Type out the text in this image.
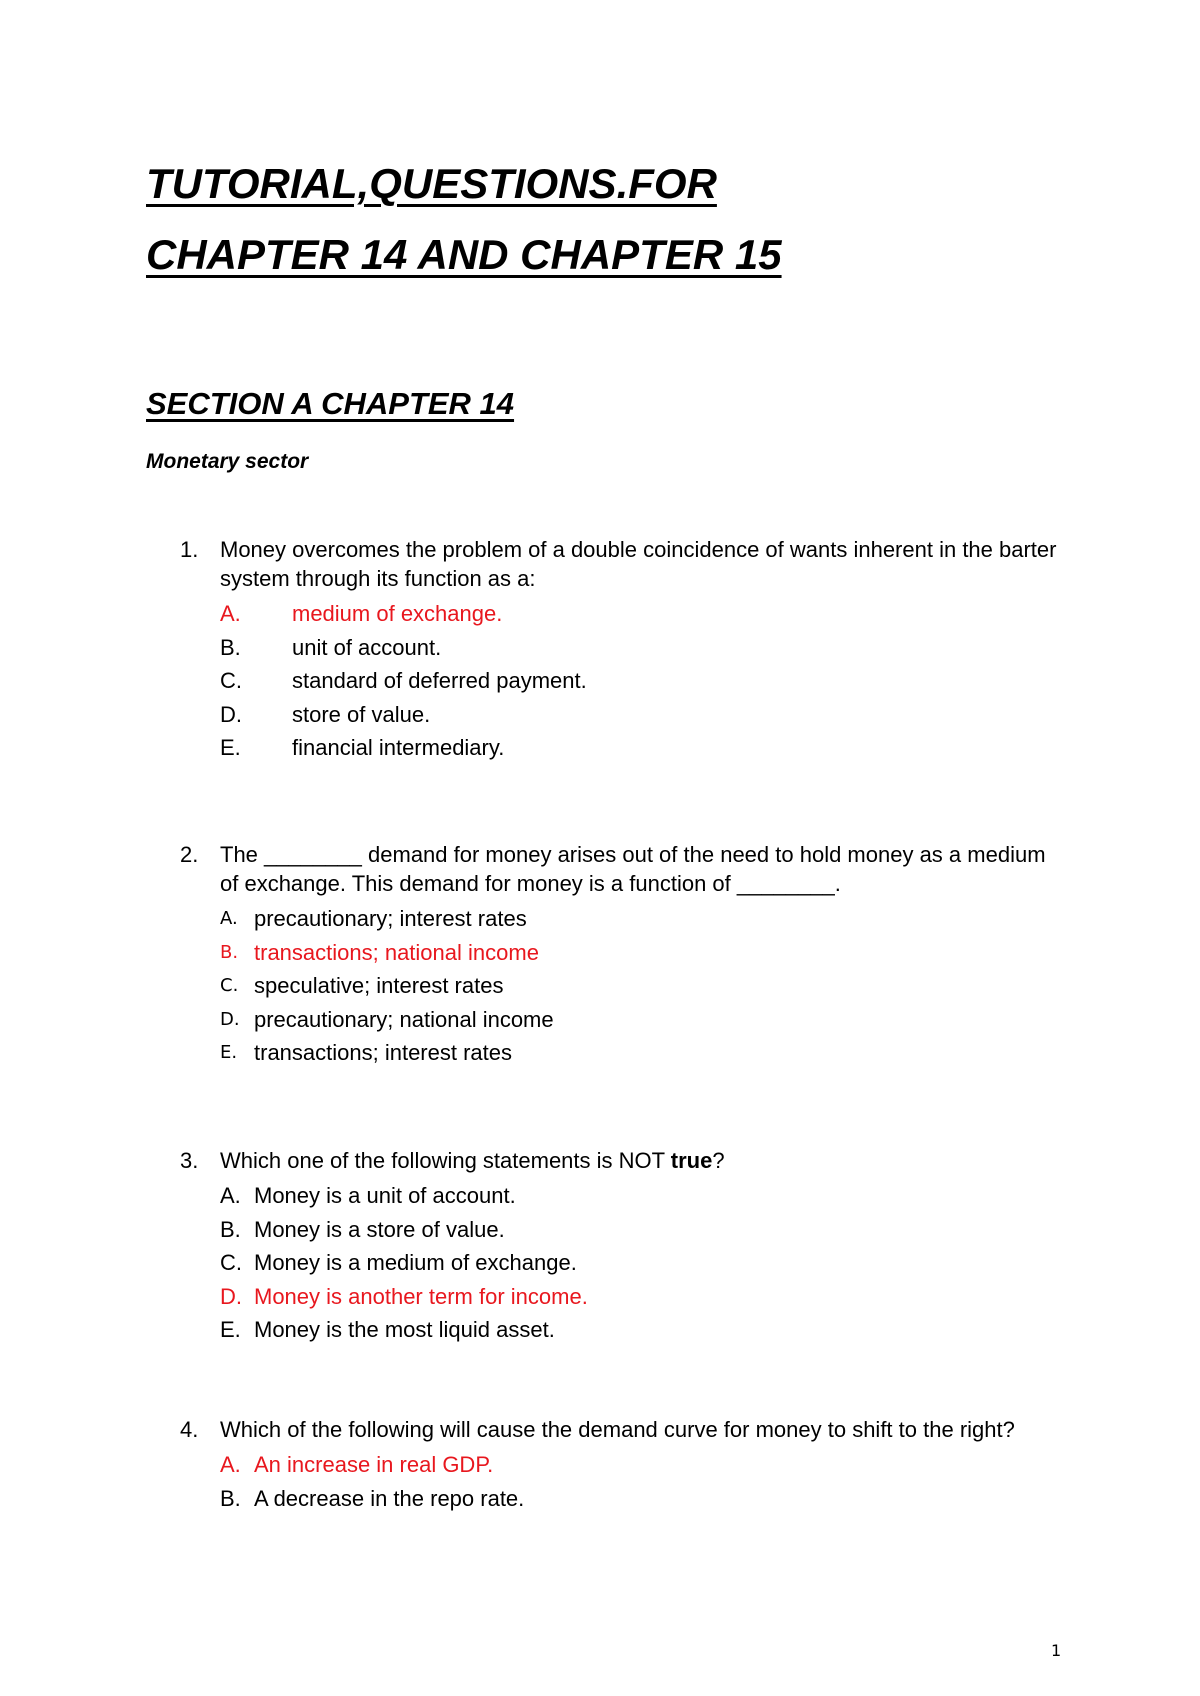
TUTORIAL,QUESTIONS.FOR
CHAPTER 14 AND CHAPTER 15
SECTION A CHAPTER 14

Monetary sector

1. Money overcomes the problem of a double coincidence of wants inherent in the barter system through its function as a:
A.	medium of exchange.
B.	unit of account.
C.	standard of deferred payment.
D.	store of value.
E.	financial intermediary.
2. The ________ demand for money arises out of the need to hold money as a medium of exchange. This demand for money is a function of ________.
A. precautionary; interest rates
B. transactions; national income
C. speculative; interest rates
D. precautionary; national income
E. transactions; interest rates
3. Which one of the following statements is NOT true?
A. Money is a unit of account.
B. Money is a store of value.
C. Money is a medium of exchange.
D. Money is another term for income.
E. Money is the most liquid asset.
4. Which of the following will cause the demand curve for money to shift to the right?
A. An increase in real GDP.
B. A decrease in the repo rate.
1
